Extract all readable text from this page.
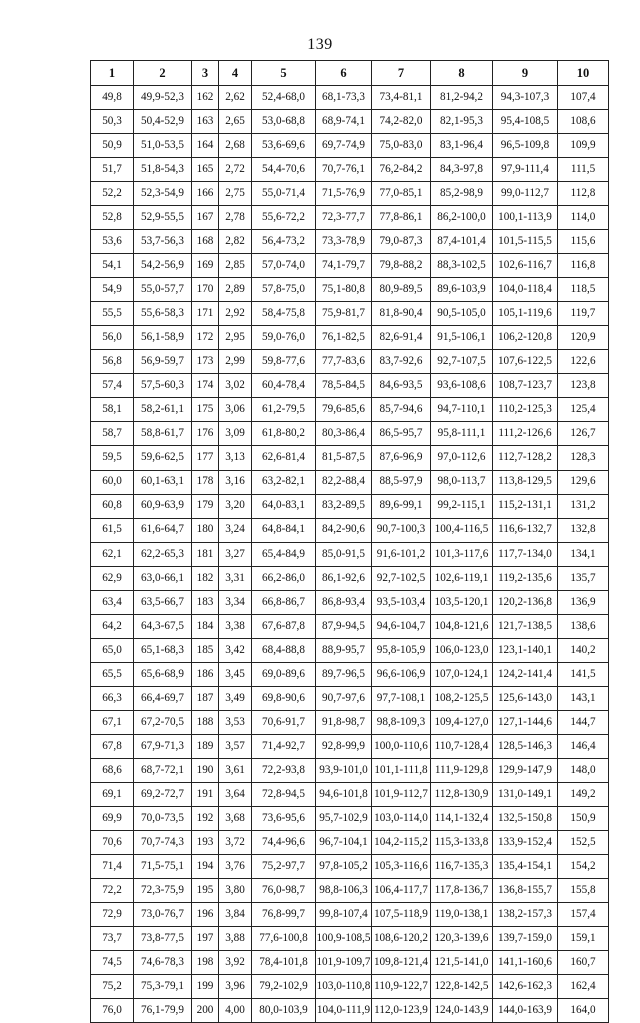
139
1	2	3	4	5	6	7	8	9	10
49,8	49,9-52,3	162	2,62	52,4-68,0	68,1-73,3	73,4-81,1	81,2-94,2	94,3-107,3	107,4
50,3	50,4-52,9	163	2,65	53,0-68,8	68,9-74,1	74,2-82,0	82,1-95,3	95,4-108,5	108,6
50,9	51,0-53,5	164	2,68	53,6-69,6	69,7-74,9	75,0-83,0	83,1-96,4	96,5-109,8	109,9
51,7	51,8-54,3	165	2,72	54,4-70,6	70,7-76,1	76,2-84,2	84,3-97,8	97,9-111,4	111,5
52,2	52,3-54,9	166	2,75	55,0-71,4	71,5-76,9	77,0-85,1	85,2-98,9	99,0-112,7	112,8
52,8	52,9-55,5	167	2,78	55,6-72,2	72,3-77,7	77,8-86,1	86,2-100,0	100,1-113,9	114,0
53,6	53,7-56,3	168	2,82	56,4-73,2	73,3-78,9	79,0-87,3	87,4-101,4	101,5-115,5	115,6
54,1	54,2-56,9	169	2,85	57,0-74,0	74,1-79,7	79,8-88,2	88,3-102,5	102,6-116,7	116,8
54,9	55,0-57,7	170	2,89	57,8-75,0	75,1-80,8	80,9-89,5	89,6-103,9	104,0-118,4	118,5
55,5	55,6-58,3	171	2,92	58,4-75,8	75,9-81,7	81,8-90,4	90,5-105,0	105,1-119,6	119,7
56,0	56,1-58,9	172	2,95	59,0-76,0	76,1-82,5	82,6-91,4	91,5-106,1	106,2-120,8	120,9
56,8	56,9-59,7	173	2,99	59,8-77,6	77,7-83,6	83,7-92,6	92,7-107,5	107,6-122,5	122,6
57,4	57,5-60,3	174	3,02	60,4-78,4	78,5-84,5	84,6-93,5	93,6-108,6	108,7-123,7	123,8
58,1	58,2-61,1	175	3,06	61,2-79,5	79,6-85,6	85,7-94,6	94,7-110,1	110,2-125,3	125,4
58,7	58,8-61,7	176	3,09	61,8-80,2	80,3-86,4	86,5-95,7	95,8-111,1	111,2-126,6	126,7
59,5	59,6-62,5	177	3,13	62,6-81,4	81,5-87,5	87,6-96,9	97,0-112,6	112,7-128,2	128,3
60,0	60,1-63,1	178	3,16	63,2-82,1	82,2-88,4	88,5-97,9	98,0-113,7	113,8-129,5	129,6
60,8	60,9-63,9	179	3,20	64,0-83,1	83,2-89,5	89,6-99,1	99,2-115,1	115,2-131,1	131,2
61,5	61,6-64,7	180	3,24	64,8-84,1	84,2-90,6	90,7-100,3	100,4-116,5	116,6-132,7	132,8
62,1	62,2-65,3	181	3,27	65,4-84,9	85,0-91,5	91,6-101,2	101,3-117,6	117,7-134,0	134,1
62,9	63,0-66,1	182	3,31	66,2-86,0	86,1-92,6	92,7-102,5	102,6-119,1	119,2-135,6	135,7
63,4	63,5-66,7	183	3,34	66,8-86,7	86,8-93,4	93,5-103,4	103,5-120,1	120,2-136,8	136,9
64,2	64,3-67,5	184	3,38	67,6-87,8	87,9-94,5	94,6-104,7	104,8-121,6	121,7-138,5	138,6
65,0	65,1-68,3	185	3,42	68,4-88,8	88,9-95,7	95,8-105,9	106,0-123,0	123,1-140,1	140,2
65,5	65,6-68,9	186	3,45	69,0-89,6	89,7-96,5	96,6-106,9	107,0-124,1	124,2-141,4	141,5
66,3	66,4-69,7	187	3,49	69,8-90,6	90,7-97,6	97,7-108,1	108,2-125,5	125,6-143,0	143,1
67,1	67,2-70,5	188	3,53	70,6-91,7	91,8-98,7	98,8-109,3	109,4-127,0	127,1-144,6	144,7
67,8	67,9-71,3	189	3,57	71,4-92,7	92,8-99,9	100,0-110,6	110,7-128,4	128,5-146,3	146,4
68,6	68,7-72,1	190	3,61	72,2-93,8	93,9-101,0	101,1-111,8	111,9-129,8	129,9-147,9	148,0
69,1	69,2-72,7	191	3,64	72,8-94,5	94,6-101,8	101,9-112,7	112,8-130,9	131,0-149,1	149,2
69,9	70,0-73,5	192	3,68	73,6-95,6	95,7-102,9	103,0-114,0	114,1-132,4	132,5-150,8	150,9
70,6	70,7-74,3	193	3,72	74,4-96,6	96,7-104,1	104,2-115,2	115,3-133,8	133,9-152,4	152,5
71,4	71,5-75,1	194	3,76	75,2-97,7	97,8-105,2	105,3-116,6	116,7-135,3	135,4-154,1	154,2
72,2	72,3-75,9	195	3,80	76,0-98,7	98,8-106,3	106,4-117,7	117,8-136,7	136,8-155,7	155,8
72,9	73,0-76,7	196	3,84	76,8-99,7	99,8-107,4	107,5-118,9	119,0-138,1	138,2-157,3	157,4
73,7	73,8-77,5	197	3,88	77,6-100,8	100,9-108,5	108,6-120,2	120,3-139,6	139,7-159,0	159,1
74,5	74,6-78,3	198	3,92	78,4-101,8	101,9-109,7	109,8-121,4	121,5-141,0	141,1-160,6	160,7
75,2	75,3-79,1	199	3,96	79,2-102,9	103,0-110,8	110,9-122,7	122,8-142,5	142,6-162,3	162,4
76,0	76,1-79,9	200	4,00	80,0-103,9	104,0-111,9	112,0-123,9	124,0-143,9	144,0-163,9	164,0
